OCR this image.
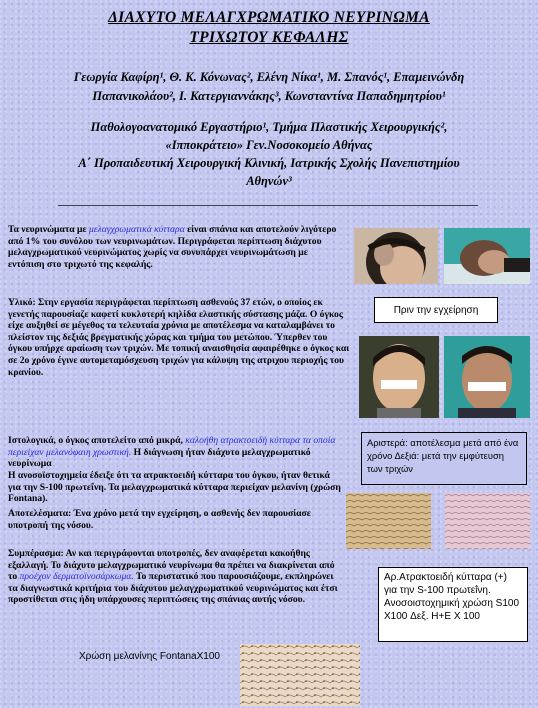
ΔΙΑΧΥΤΟ ΜΕΛΑΓΧΡΩΜΑΤΙΚΟ ΝΕΥΡΙΝΩΜΑ
ΤΡΙΧΩΤΟΥ ΚΕΦΑΛΗΣ
Γεωργία Καφίρη¹, Θ. Κ. Κόνωνας², Ελένη Νίκα¹, Μ. Σπανός¹, Επαμεινώνδη
Παπανικολάου², Ι. Κατεργιαννάκης³, Κωνσταντίνα Παπαδημητρίου¹
Παθολογοανατομικό Εργαστήριο¹, Τμήμα Πλαστικής Χειρουργικής²,
«Ιπποκράτειο» Γεν.Νοσοκομείο Αθήνας
Α΄ Προπαιδευτική Χειρουργική Κλινική, Ιατρικής Σχολής Πανεπιστημίου
Αθηνών³
Τα νευρινώματα με μελαγχρωματικά κύτταρα είναι σπάνια και αποτελούν λιγότερο από 1% του συνόλου των νευρινωμάτων. Περιγράφεται περίπτωση διάχυτου μελαγχρωματικού νευρινώματος χωρίς να συνυπάρχει νευρινωμάτωση με εντόπιση στο τριχωτό της κεφαλής.
Πριν την εγχείρηση
Υλικό: Στην εργασία περιγράφεται περίπτωση ασθενούς 37 ετών, ο οποίος εκ γενετής παρουσίαζε καφετί κυκλοτερή κηλίδα ελαστικής σύστασης μάζα. Ο όγκος είχε αυξηθεί σε μέγεθος τα τελευταία χρόνια με αποτέλεσμα να καταλαμβάνει το πλείστον της δεξιάς βρεγματικής χώρας και τμήμα του μετώπου. Ύπερθεν του όγκου υπήρχε αραίωση των τριχών. Με τοπική αναισθησία αφαιρέθηκε ο όγκος και σε 2ο χρόνο έγινε αυτομεταμόσχευση τριχών για κάλυψη της ατριχου περιοχής του κρανίου.
Ιστολογικά, ο όγκος αποτελείτο από μικρά, καλοήθη ατρακτοειδή κύτταρα τα οποία περιείχαν μελανόφαιη χρωστική. Η διάγνωση ήταν διάχυτο μελαγχρωματικό νευρίνωμα
Αριστερά: αποτέλεσμα μετά από ένα χρόνο Δεξιά: μετά την εμφύτευση των τριχών
Η ανοσοϊστοχημεία έδειξε ότι τα ατρακτοειδή κύτταρα του όγκου, ήταν θετικά για την S-100 πρωτεΐνη. Τα μελαγχρωματικά κύτταρα περιείχαν μελανίνη (χρώση Fontana).
Αποτελέσματα: Ένα χρόνο μετά την εγχείρηση, ο ασθενής δεν παρουσίασε υποτροπή της νόσου.
Συμπέρασμα: Αν και περιγράφονται υποτροπές, δεν αναφέρεται κακοήθης εξαλλαγή. Το διάχυτο μελαγχρωματικό νευρίνωμα θα πρέπει να διακρίνεται από το προέχον δερματοϊνοσάρκωμα. Το περιστατικό που παρουσιάζουμε, εκπληρώνει τα διαγνωστικά κριτήρια του διάχυτου μελαγχρωματικού νευρινώματος και έτσι προστίθεται στις ήδη υπάρχουσες περιπτώσεις της σπάνιας αυτής νόσου.
Αρ.Ατρακτοειδή κύτταρα (+) για την S-100 πρωτεΐνη. Ανοσοιστοχημική χρώση S100 X100 Δεξ. H+E X 100
Χρώση μελανίνης FontanaX100
